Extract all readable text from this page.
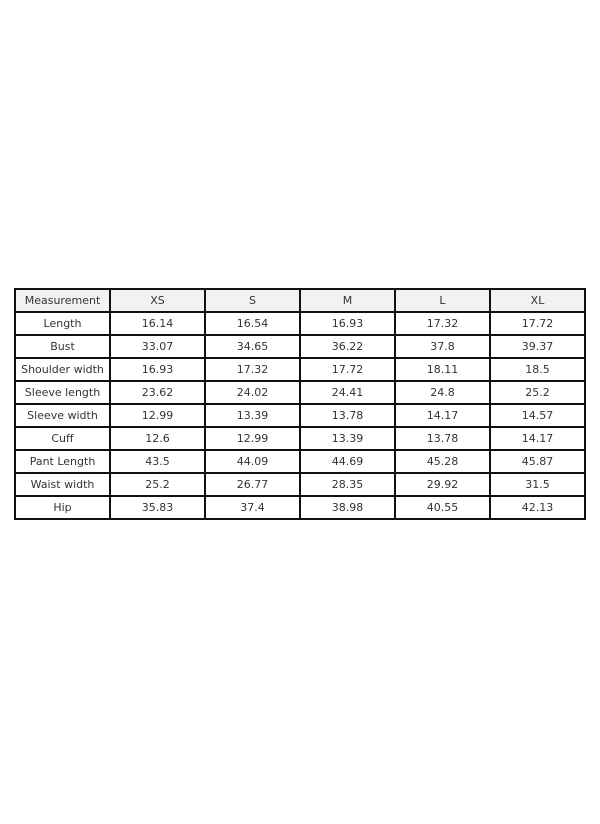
Measurement	XS	S	M	L	XL
Length	16.14	16.54	16.93	17.32	17.72
Bust	33.07	34.65	36.22	37.8	39.37
Shoulder width	16.93	17.32	17.72	18.11	18.5
Sleeve length	23.62	24.02	24.41	24.8	25.2
Sleeve width	12.99	13.39	13.78	14.17	14.57
Cuff	12.6	12.99	13.39	13.78	14.17
Pant Length	43.5	44.09	44.69	45.28	45.87
Waist width	25.2	26.77	28.35	29.92	31.5
Hip	35.83	37.4	38.98	40.55	42.13
